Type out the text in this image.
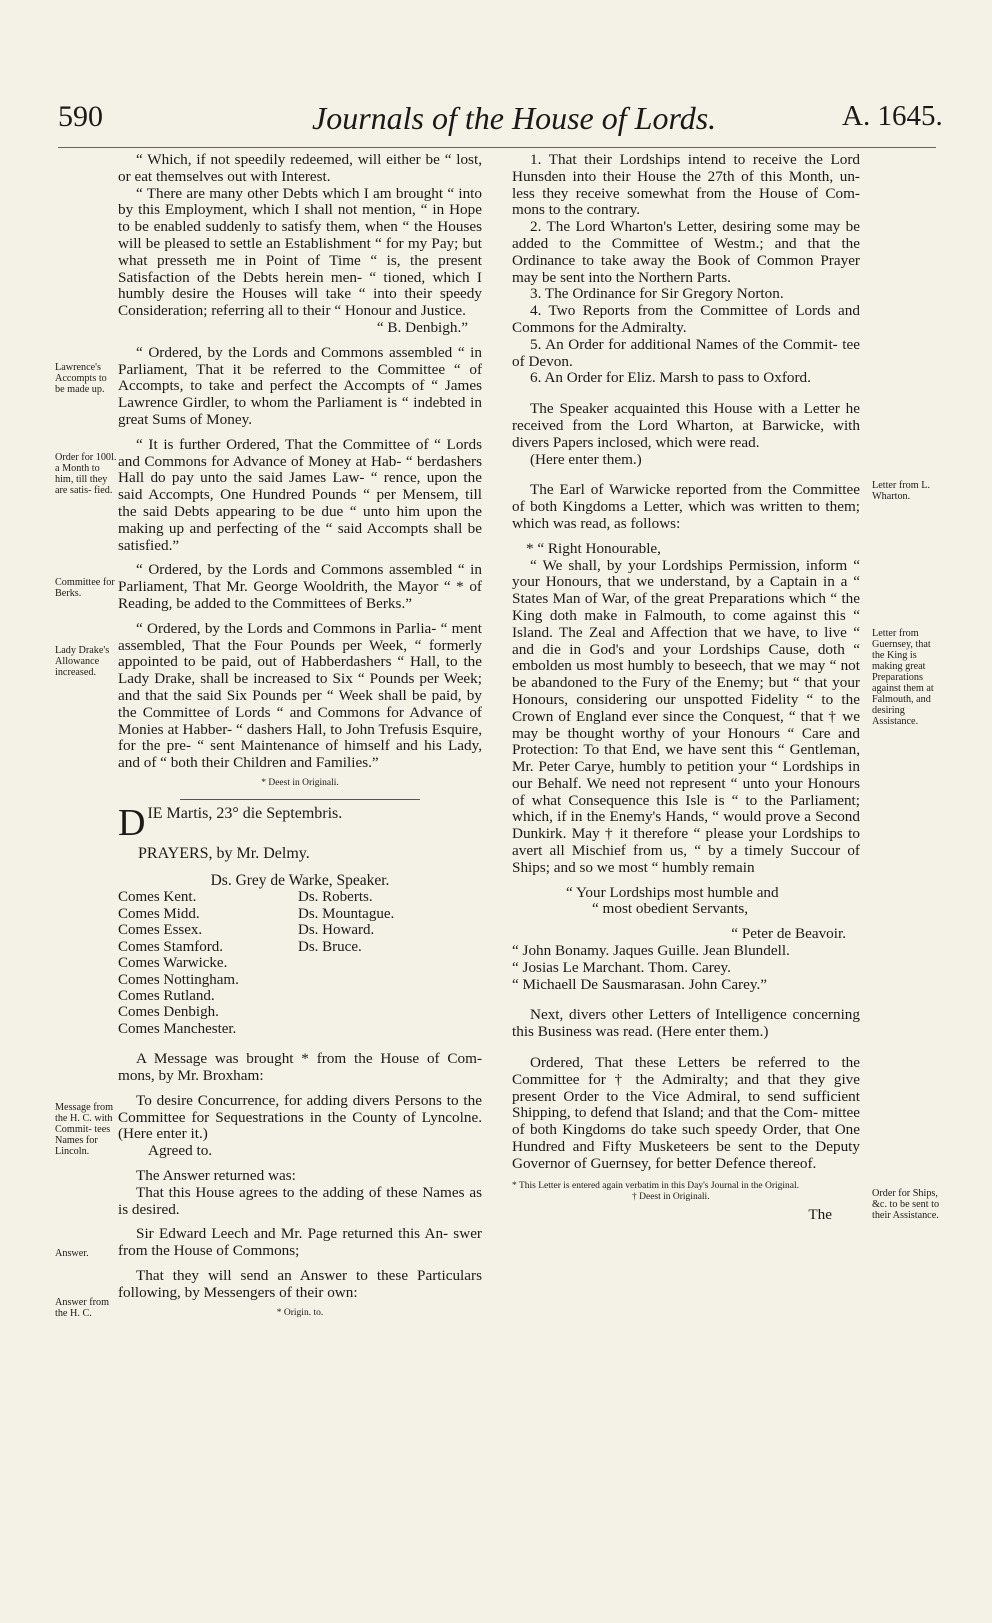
590	Journals of the House of Lords.	A. 1645.

“ Which, if not speedily redeemed, will either be “ lost, or eat themselves out with Interest.

“ There are many other Debts which I am brought “ into by this Employment, which I shall not mention, “ in Hope to be enabled suddenly to satisfy them, when “ the Houses will be pleased to settle an Establishment “ for my Pay; but what presseth me in Point of Time “ is, the present Satisfaction of the Debts herein men- “ tioned, which I humbly desire the Houses will take “ into their speedy Consideration; referring all to their “ Honour and Justice.

“ B. Denbigh.”

“ Ordered, by the Lords and Commons assembled “ in Parliament, That it be referred to the Committee “ of Accompts, to take and perfect the Accompts of “ James Lawrence Girdler, to whom the Parliament is “ indebted in great Sums of Money.

“ It is further Ordered, That the Committee of “ Lords and Commons for Advance of Money at Hab- “ berdashers Hall do pay unto the said James Law- “ rence, upon the said Accompts, One Hundred Pounds “ per Mensem, till the said Debts appearing to be due “ unto him upon the making up and perfecting of the “ said Accompts shall be satisfied.”

“ Ordered, by the Lords and Commons assembled “ in Parliament, That Mr. George Wooldrith, the Mayor “ * of Reading, be added to the Committees of Berks.”

“ Ordered, by the Lords and Commons in Parlia- “ ment assembled, That the Four Pounds per Week, “ formerly appointed to be paid, out of Habberdashers “ Hall, to the Lady Drake, shall be increased to Six “ Pounds per Week; and that the said Six Pounds per “ Week shall be paid, by the Committee of Lords “ and Commons for Advance of Monies at Habber- “ dashers Hall, to John Trefusis Esquire, for the pre- “ sent Maintenance of himself and his Lady, and of “ both their Children and Families.”

* Deest in Originali.

D IE Martis, 23° die Septembris.

PRAYERS, by Mr. Delmy.

Ds. Grey de Warke, Speaker.

Comes Kent.
Comes Midd.
Comes Essex.
Comes Stamford.
Comes Warwicke.
Comes Nottingham.
Comes Rutland.
Comes Denbigh.
Comes Manchester.
Ds. Roberts.
Ds. Mountague.
Ds. Howard.
Ds. Bruce.

A Message was brought * from the House of Com- mons, by Mr. Broxham:

To desire Concurrence, for adding divers Persons to the Committee for Sequestrations in the County of Lyncolne. (Here enter it.)

Agreed to.

The Answer returned was:

That this House agrees to the adding of these Names as is desired.

Sir Edward Leech and Mr. Page returned this An- swer from the House of Commons;

That they will send an Answer to these Particulars following, by Messengers of their own:

* Origin. to.

1. That their Lordships intend to receive the Lord Hunsden into their House the 27th of this Month, un- less they receive somewhat from the House of Com- mons to the contrary.

2. The Lord Wharton's Letter, desiring some may be added to the Committee of Westm.; and that the Ordinance to take away the Book of Common Prayer may be sent into the Northern Parts.

3. The Ordinance for Sir Gregory Norton.

4. Two Reports from the Committee of Lords and Commons for the Admiralty.

5. An Order for additional Names of the Commit- tee of Devon.

6. An Order for Eliz. Marsh to pass to Oxford.

The Speaker acquainted this House with a Letter he received from the Lord Wharton, at Barwicke, with divers Papers inclosed, which were read.

(Here enter them.)

The Earl of Warwicke reported from the Committee of both Kingdoms a Letter, which was written to them; which was read, as follows:

* “ Right Honourable,

“ We shall, by your Lordships Permission, inform “ your Honours, that we understand, by a Captain in a “ States Man of War, of the great Preparations which “ the King doth make in Falmouth, to come against this “ Island. The Zeal and Affection that we have, to live “ and die in God's and your Lordships Cause, doth “ embolden us most humbly to beseech, that we may “ not be abandoned to the Fury of the Enemy; but “ that your Honours, considering our unspotted Fidelity “ to the Crown of England ever since the Conquest, “ that † we may be thought worthy of your Honours “ Care and Protection: To that End, we have sent this “ Gentleman, Mr. Peter Carye, humbly to petition your “ Lordships in our Behalf. We need not represent “ unto your Honours of what Consequence this Isle is “ to the Parliament; which, if in the Enemy's Hands, “ would prove a Second Dunkirk. May † it therefore “ please your Lordships to avert all Mischief from us, “ by a timely Succour of Ships; and so we most “ humbly remain

“ Your Lordships most humble and

“ most obedient Servants,

“ Peter de Beavoir.

“ John Bonamy. Jaques Guille. Jean Blundell.

“ Josias Le Marchant. Thom. Carey.

“ Michaell De Sausmarasan. John Carey.”

Next, divers other Letters of Intelligence concerning this Business was read. (Here enter them.)

Ordered, That these Letters be referred to the Committee for † the Admiralty; and that they give present Order to the Vice Admiral, to send sufficient Shipping, to defend that Island; and that the Com- mittee of both Kingdoms do take such speedy Order, that One Hundred and Fifty Musketeers be sent to the Deputy Governor of Guernsey, for better Defence thereof.

* This Letter is entered again verbatim in this Day's Journal in the Original.

† Deest in Originali.

The

Lawrence's Accompts to be made up.
Order for 100l. a Month to him, till they are satis- fied.
Committee for Berks.
Lady Drake's Allowance increased.
Message from the H. C. with Commit- tees Names for Lincoln.
Answer.
Answer from the H. C.
Letter from L. Wharton.
Letter from Guernsey, that the King is making great Preparations against them at Falmouth, and desiring Assistance.
Order for Ships, &c. to be sent to their Assistance.
